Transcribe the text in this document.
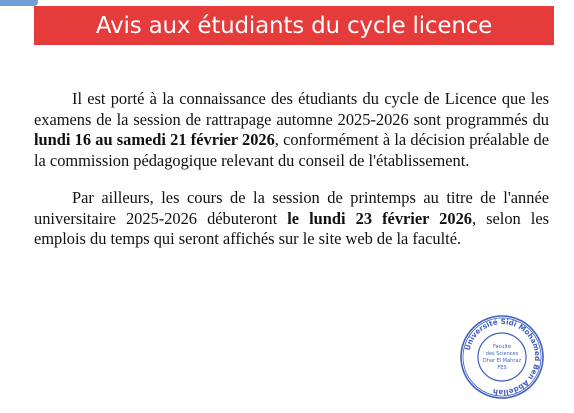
Avis aux étudiants du cycle licence

Il est porté à la connaissance des étudiants du cycle de Licence que les examens de la session de rattrapage automne 2025-2026 sont programmés du lundi 16 au samedi 21 février 2026, conformément à la décision préalable de la commission pédagogique relevant du conseil de l'établissement.

Par ailleurs, les cours de la session de printemps au titre de l'année universitaire 2025-2026 débuteront le lundi 23 février 2026, selon les emplois du temps qui seront affichés sur le site web de la faculté.

Université Sidi Mohamed Ben Abdellah
Faculté
des Sciences
Dhar El Mahraz
FES
